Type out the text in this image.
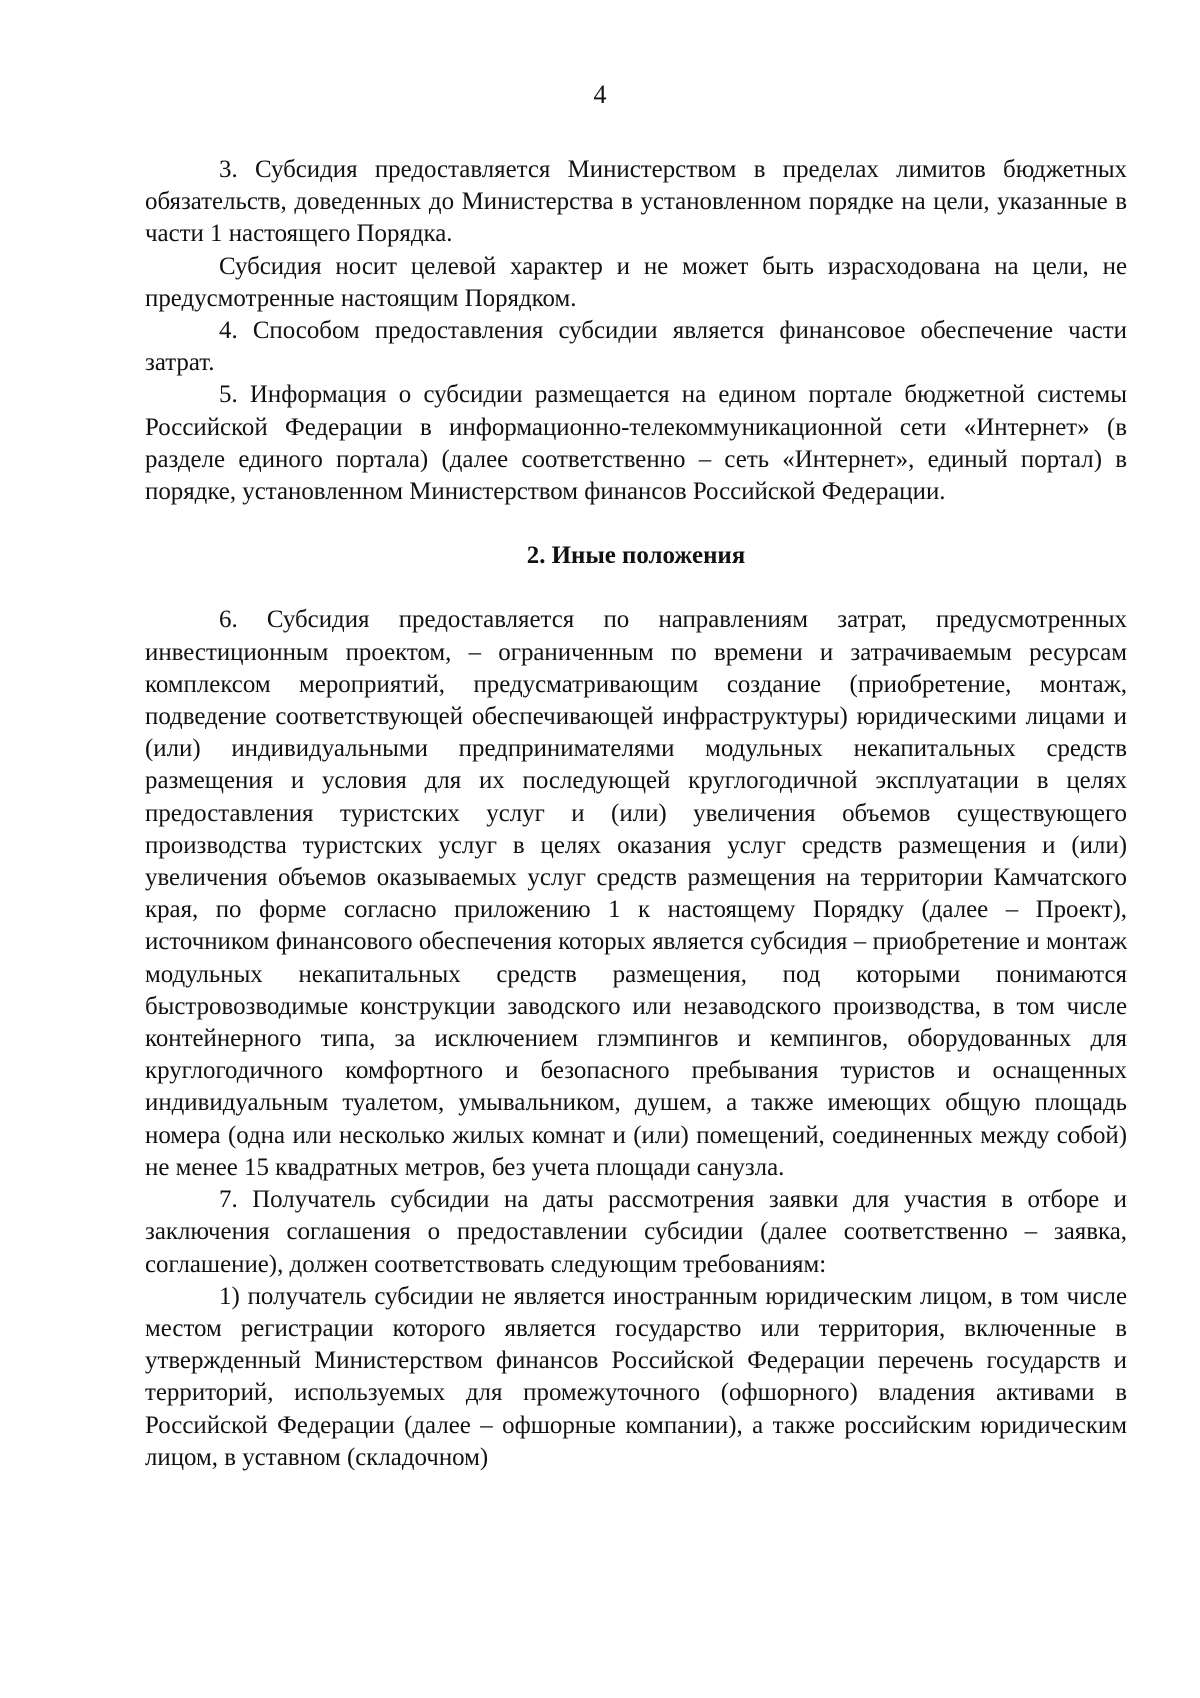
4

3. Субсидия предоставляется Министерством в пределах лимитов бюджетных обязательств, доведенных до Министерства в установленном порядке на цели, указанные в части 1 настоящего Порядка.

Субсидия носит целевой характер и не может быть израсходована на цели, не предусмотренные настоящим Порядком.

4. Способом предоставления субсидии является финансовое обеспечение части затрат.

5. Информация о субсидии размещается на едином портале бюджетной системы Российской Федерации в информационно-телекоммуникационной сети «Интернет» (в разделе единого портала) (далее соответственно – сеть «Интернет», единый портал) в порядке, установленном Министерством финансов Российской Федерации.

2. Иные положения

6. Субсидия предоставляется по направлениям затрат, предусмотренных инвестиционным проектом, – ограниченным по времени и затрачиваемым ресурсам комплексом мероприятий, предусматривающим создание (приобретение, монтаж, подведение соответствующей обеспечивающей инфраструктуры) юридическими лицами и (или) индивидуальными предпринимателями модульных некапитальных средств размещения и условия для их последующей круглогодичной эксплуатации в целях предоставления туристских услуг и (или) увеличения объемов существующего производства туристских услуг в целях оказания услуг средств размещения и (или) увеличения объемов оказываемых услуг средств размещения на территории Камчатского края, по форме согласно приложению 1 к настоящему Порядку (далее – Проект), источником финансового обеспечения которых является субсидия – приобретение и монтаж модульных некапитальных средств размещения, под которыми понимаются быстровозводимые конструкции заводского или незаводского производства, в том числе контейнерного типа, за исключением глэмпингов и кемпингов, оборудованных для круглогодичного комфортного и безопасного пребывания туристов и оснащенных индивидуальным туалетом, умывальником, душем, а также имеющих общую площадь номера (одна или несколько жилых комнат и (или) помещений, соединенных между собой) не менее 15 квадратных метров, без учета площади санузла.

7. Получатель субсидии на даты рассмотрения заявки для участия в отборе и заключения соглашения о предоставлении субсидии (далее соответственно – заявка, соглашение), должен соответствовать следующим требованиям:

1) получатель субсидии не является иностранным юридическим лицом, в том числе местом регистрации которого является государство или территория, включенные в утвержденный Министерством финансов Российской Федерации перечень государств и территорий, используемых для промежуточного (офшорного) владения активами в Российской Федерации (далее – офшорные компании), а также российским юридическим лицом, в уставном (складочном)
